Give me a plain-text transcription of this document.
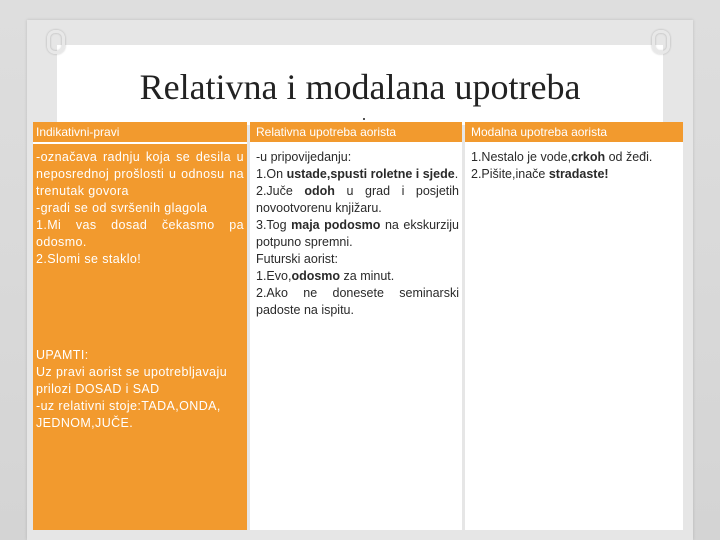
Relativna i modalana upotreba
Indikativni-pravi
-označava radnju koja se desila u neposrednoj prošlosti u odnosu na trenutak govora
-gradi se od svršenih glagola
1.Mi vas dosad čekasmo pa odosmo.
2.Slomi se staklo!
UPAMTI:
Uz pravi aorist se upotrebljavaju prilozi DOSAD i SAD
-uz relativni stoje:TADA,ONDA, JEDNOM,JUČE.
Relativna upotreba aorista
-u pripovijedanju:
1.On ustade,spusti roletne i sjede.
2.Juče odoh u grad i posjetih novootvorenu knjižaru.
3.Tog maja podosmo na ekskurziju potpuno spremni.
Futurski aorist:
1.Evo,odosmo za minut.
2.Ako ne donesete seminarski padoste na ispitu.
Modalna upotreba aorista
1.Nestalo je vode,crkoh od žeđi.
2.Pišite,inače stradaste!
